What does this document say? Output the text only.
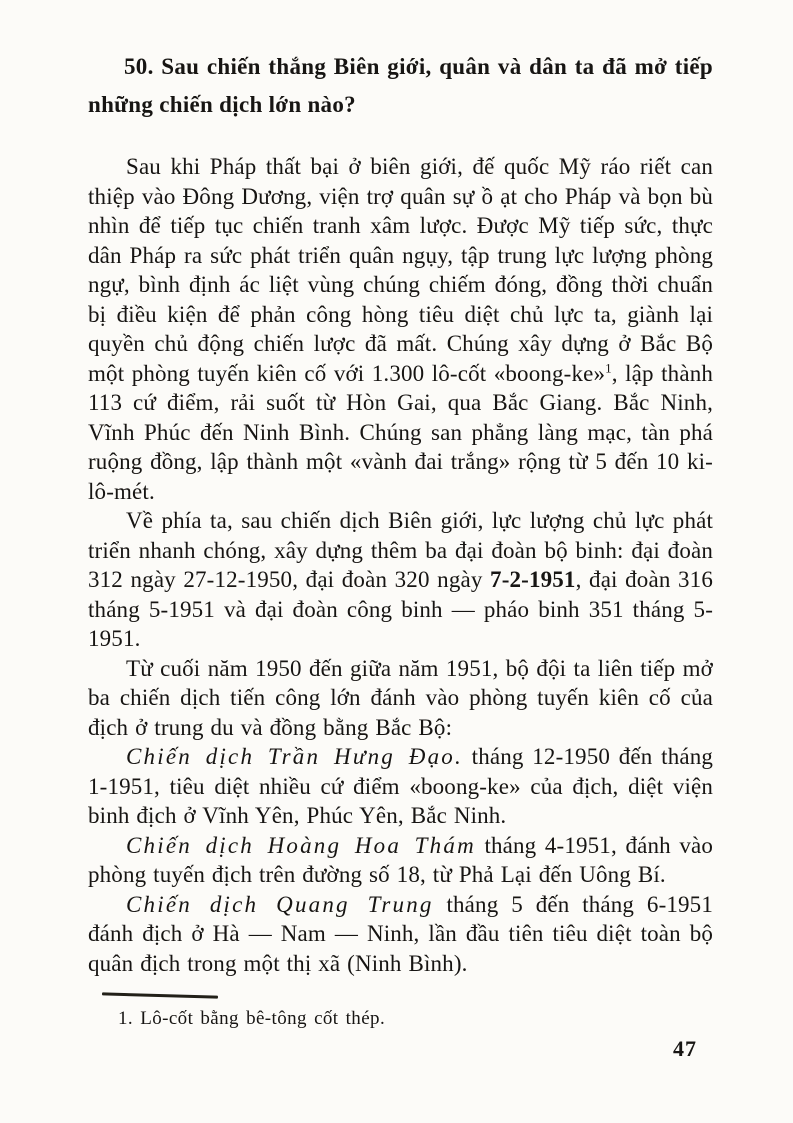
50. Sau chiến thắng Biên giới, quân và dân ta đã mở tiếp những chiến dịch lớn nào?

Sau khi Pháp thất bại ở biên giới, đế quốc Mỹ ráo riết can thiệp vào Đông Dương, viện trợ quân sự ồ ạt cho Pháp và bọn bù nhìn để tiếp tục chiến tranh xâm lược. Được Mỹ tiếp sức, thực dân Pháp ra sức phát triển quân ngụy, tập trung lực lượng phòng ngự, bình định ác liệt vùng chúng chiếm đóng, đồng thời chuẩn bị điều kiện để phản công hòng tiêu diệt chủ lực ta, giành lại quyền chủ động chiến lược đã mất. Chúng xây dựng ở Bắc Bộ một phòng tuyến kiên cố với 1.300 lô-cốt «boong-ke»$^1$, lập thành 113 cứ điểm, rải suốt từ Hòn Gai, qua Bắc Giang. Bắc Ninh, Vĩnh Phúc đến Ninh Bình. Chúng san phẳng làng mạc, tàn phá ruộng đồng, lập thành một «vành đai trắng» rộng từ 5 đến 10 ki-lô-mét.

Về phía ta, sau chiến dịch Biên giới, lực lượng chủ lực phát triển nhanh chóng, xây dựng thêm ba đại đoàn bộ binh: đại đoàn 312 ngày 27-12-1950, đại đoàn 320 ngày 7-2-1951, đại đoàn 316 tháng 5-1951 và đại đoàn công binh — pháo binh 351 tháng 5-1951.

Từ cuối năm 1950 đến giữa năm 1951, bộ đội ta liên tiếp mở ba chiến dịch tiến công lớn đánh vào phòng tuyến kiên cố của địch ở trung du và đồng bằng Bắc Bộ:

Chiến dịch Trần Hưng Đạo. tháng 12-1950 đến tháng 1-1951, tiêu diệt nhiều cứ điểm «boong-ke» của địch, diệt viện binh địch ở Vĩnh Yên, Phúc Yên, Bắc Ninh.

Chiến dịch Hoàng Hoa Thám tháng 4-1951, đánh vào phòng tuyến địch trên đường số 18, từ Phả Lại đến Uông Bí.

Chiến dịch Quang Trung tháng 5 đến tháng 6-1951 đánh địch ở Hà — Nam — Ninh, lần đầu tiên tiêu diệt toàn bộ quân địch trong một thị xã (Ninh Bình).

1. Lô-cốt bằng bê-tông cốt thép.

47
